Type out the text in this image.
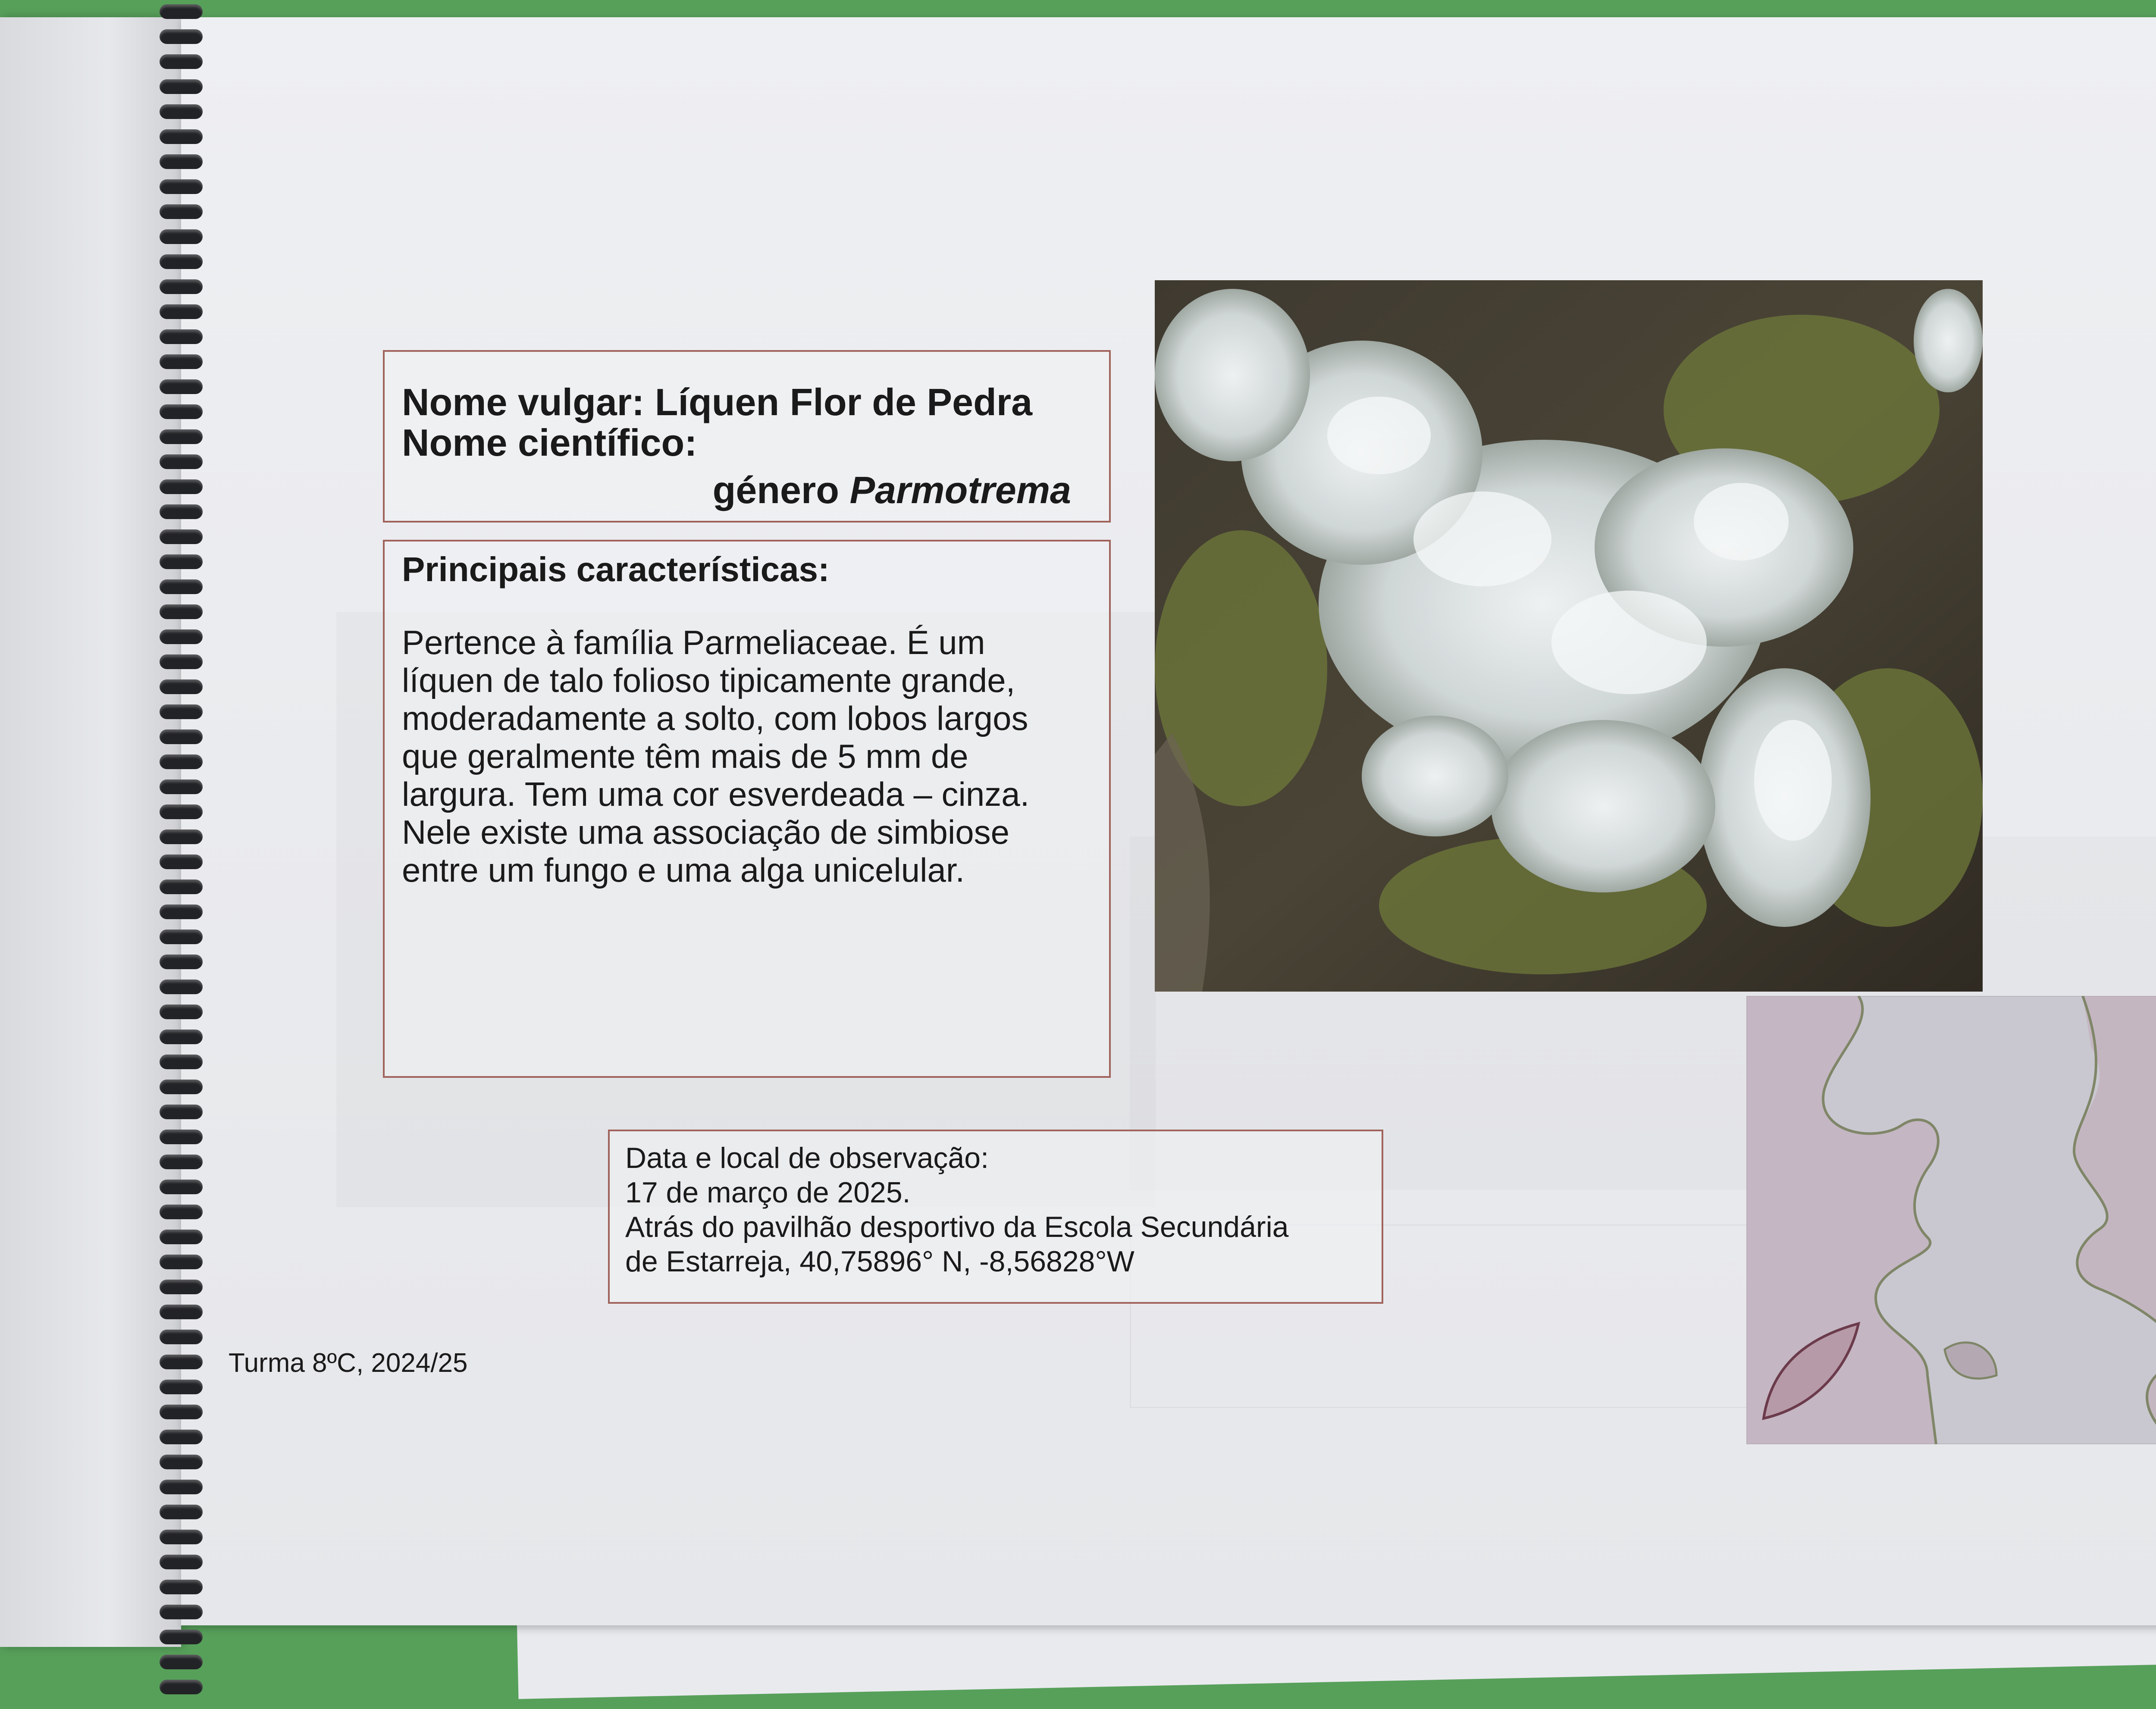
Nome vulgar: Líquen Flor de Pedra
Nome científico:
género Parmotrema
Principais características:
Pertence à família Parmeliaceae. É um
líquen de talo folioso tipicamente grande,
moderadamente a solto, com lobos largos
que geralmente têm mais de 5 mm de
largura. Tem uma cor esverdeada – cinza.
Nele existe uma associação de simbiose
entre um fungo e uma alga unicelular.
Data e local de observação:
17 de março de 2025.
Atrás do pavilhão desportivo da Escola Secundária
de Estarreja, 40,75896° N, -8,56828°W
Turma 8ºC, 2024/25
